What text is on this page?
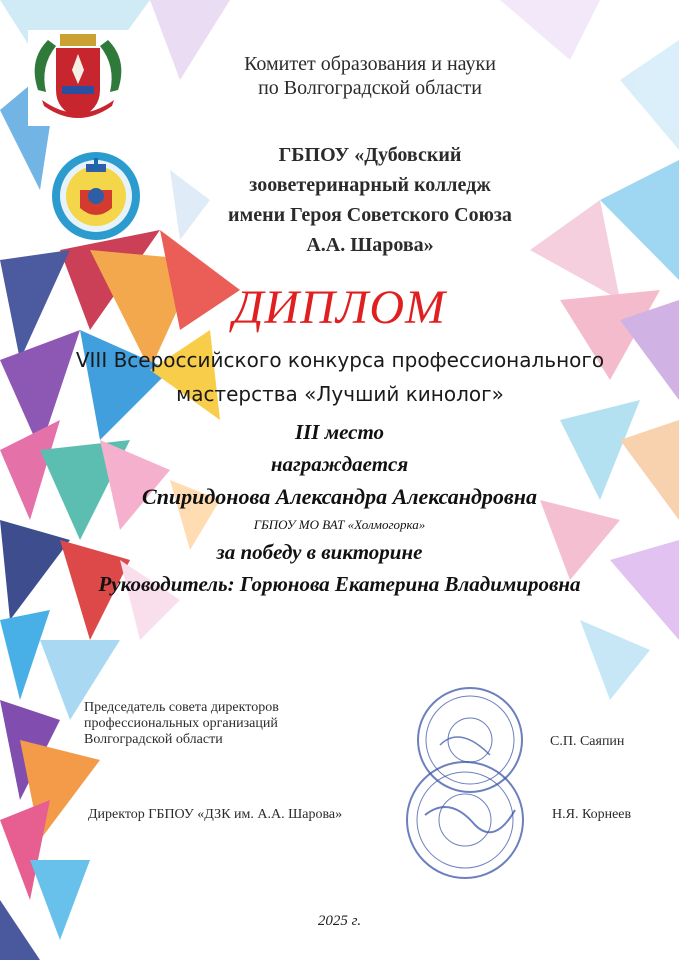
Комитет образования и науки
по Волгоградской области
ГБПОУ «Дубовский
зооветеринарный колледж
имени Героя Советского Союза
А.А. Шарова»
ДИПЛОМ
VIII Всероссийского конкурса профессионального
мастерства «Лучший кинолог»
III место
награждается
Спиридонова Александра Александровна
ГБПОУ МО ВАТ «Холмогорка»
за победу в викторине
Руководитель: Горюнова Екатерина Владимировна
Председатель совета директоров
профессиональных организаций
Волгоградской области	С.П. Саяпин
Директор ГБПОУ «ДЗК им. А.А. Шарова»	Н.Я. Корнеев
2025 г.
